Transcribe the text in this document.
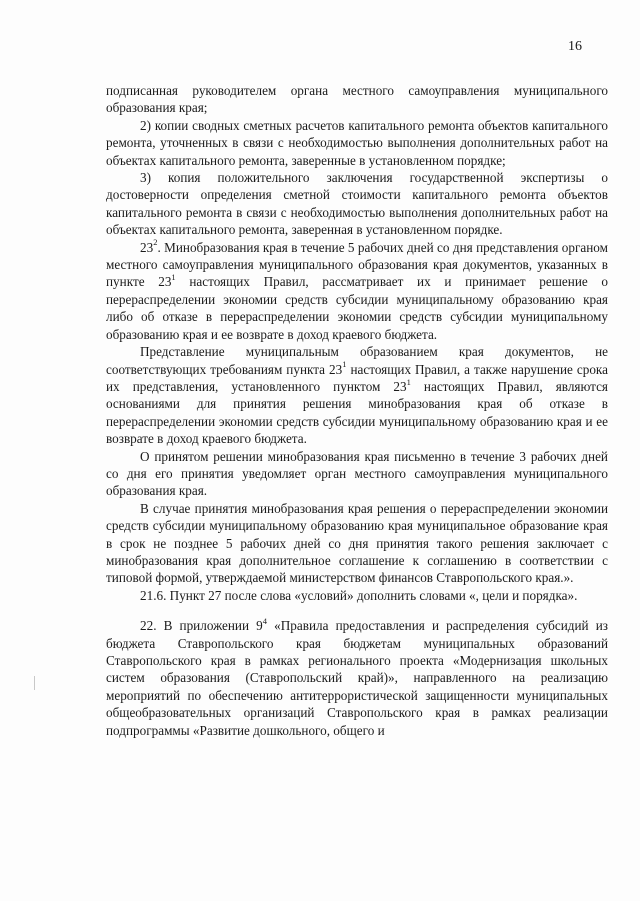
16

подписанная руководителем органа местного самоуправления муниципального образования края;

2) копии сводных сметных расчетов капитального ремонта объектов капитального ремонта, уточненных в связи с необходимостью выполнения дополнительных работ на объектах капитального ремонта, заверенные в установленном порядке;

3) копия положительного заключения государственной экспертизы о достоверности определения сметной стоимости капитального ремонта объектов капитального ремонта в связи с необходимостью выполнения дополнительных работ на объектах капитального ремонта, заверенная в установленном порядке.

$23^2$. Минобразования края в течение 5 рабочих дней со дня представления органом местного самоуправления муниципального образования края документов, указанных в пункте $23^1$ настоящих Правил, рассматривает их и принимает решение о перераспределении экономии средств субсидии муниципальному образованию края либо об отказе в перераспределении экономии средств субсидии муниципальному образованию края и ее возврате в доход краевого бюджета.

Представление муниципальным образованием края документов, не соответствующих требованиям пункта $23^1$ настоящих Правил, а также нарушение срока их представления, установленного пунктом $23^1$ настоящих Правил, являются основаниями для принятия решения минобразования края об отказе в перераспределении экономии средств субсидии муниципальному образованию края и ее возврате в доход краевого бюджета.

О принятом решении минобразования края письменно в течение 3 рабочих дней со дня его принятия уведомляет орган местного самоуправления муниципального образования края.

В случае принятия минобразования края решения о перераспределении экономии средств субсидии муниципальному образованию края муниципальное образование края в срок не позднее 5 рабочих дней со дня принятия такого решения заключает с минобразования края дополнительное соглашение к соглашению в соответствии с типовой формой, утверждаемой министерством финансов Ставропольского края.».

21.6. Пункт 27 после слова «условий» дополнить словами «, цели и порядка».

22. В приложении $9^4$ «Правила предоставления и распределения субсидий из бюджета Ставропольского края бюджетам муниципальных образований Ставропольского края в рамках регионального проекта «Модернизация школьных систем образования (Ставропольский край)», направленного на реализацию мероприятий по обеспечению антитеррористической защищенности муниципальных общеобразовательных организаций Ставропольского края в рамках реализации подпрограммы «Развитие дошкольного, общего и
